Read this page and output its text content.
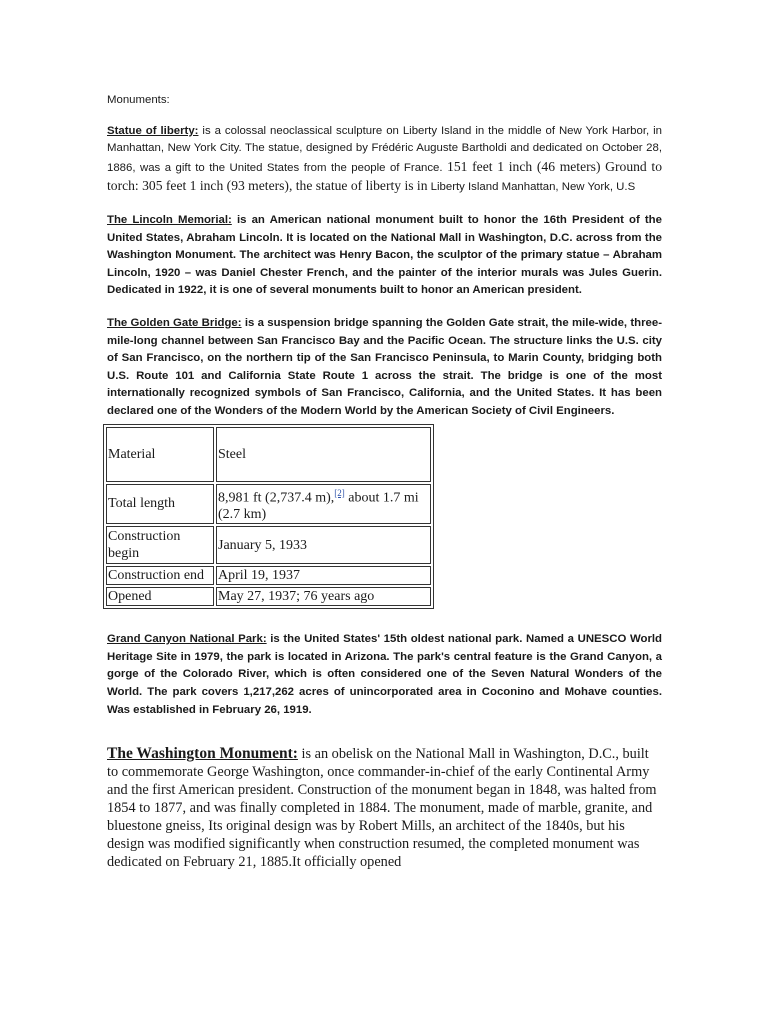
Monuments:

Statue of liberty: is a colossal neoclassical sculpture on Liberty Island in the middle of New York Harbor, in Manhattan, New York City. The statue, designed by Frédéric Auguste Bartholdi and dedicated on October 28, 1886, was a gift to the United States from the people of France. 151 feet 1 inch (46 meters) Ground to torch: 305 feet 1 inch (93 meters), the statue of liberty is in Liberty Island Manhattan, New York, U.S

The Lincoln Memorial: is an American national monument built to honor the 16th President of the United States, Abraham Lincoln. It is located on the National Mall in Washington, D.C. across from the Washington Monument. The architect was Henry Bacon, the sculptor of the primary statue – Abraham Lincoln, 1920 – was Daniel Chester French, and the painter of the interior murals was Jules Guerin. Dedicated in 1922, it is one of several monuments built to honor an American president.

The Golden Gate Bridge: is a suspension bridge spanning the Golden Gate strait, the mile-wide, three-mile-long channel between San Francisco Bay and the Pacific Ocean. The structure links the U.S. city of San Francisco, on the northern tip of the San Francisco Peninsula, to Marin County, bridging both U.S. Route 101 and California State Route 1 across the strait. The bridge is one of the most internationally recognized symbols of San Francisco, California, and the United States. It has been declared one of the Wonders of the Modern World by the American Society of Civil Engineers.

Material	Steel
Total length	8,981 ft (2,737.4 m),[2] about 1.7 mi (2.7 km)
Construction begin	January 5, 1933
Construction end	April 19, 1937
Opened	May 27, 1937; 76 years ago

Grand Canyon National Park: is the United States' 15th oldest national park. Named a UNESCO World Heritage Site in 1979, the park is located in Arizona. The park's central feature is the Grand Canyon, a gorge of the Colorado River, which is often considered one of the Seven Natural Wonders of the World. The park covers 1,217,262 acres of unincorporated area in Coconino and Mohave counties. Was established in February 26, 1919.

The Washington Monument: is an obelisk on the National Mall in Washington, D.C., built to commemorate George Washington, once commander-in-chief of the early Continental Army and the first American president. Construction of the monument began in 1848, was halted from 1854 to 1877, and was finally completed in 1884. The monument, made of marble, granite, and bluestone gneiss, Its original design was by Robert Mills, an architect of the 1840s, but his design was modified significantly when construction resumed, the completed monument was dedicated on February 21, 1885.It officially opened
